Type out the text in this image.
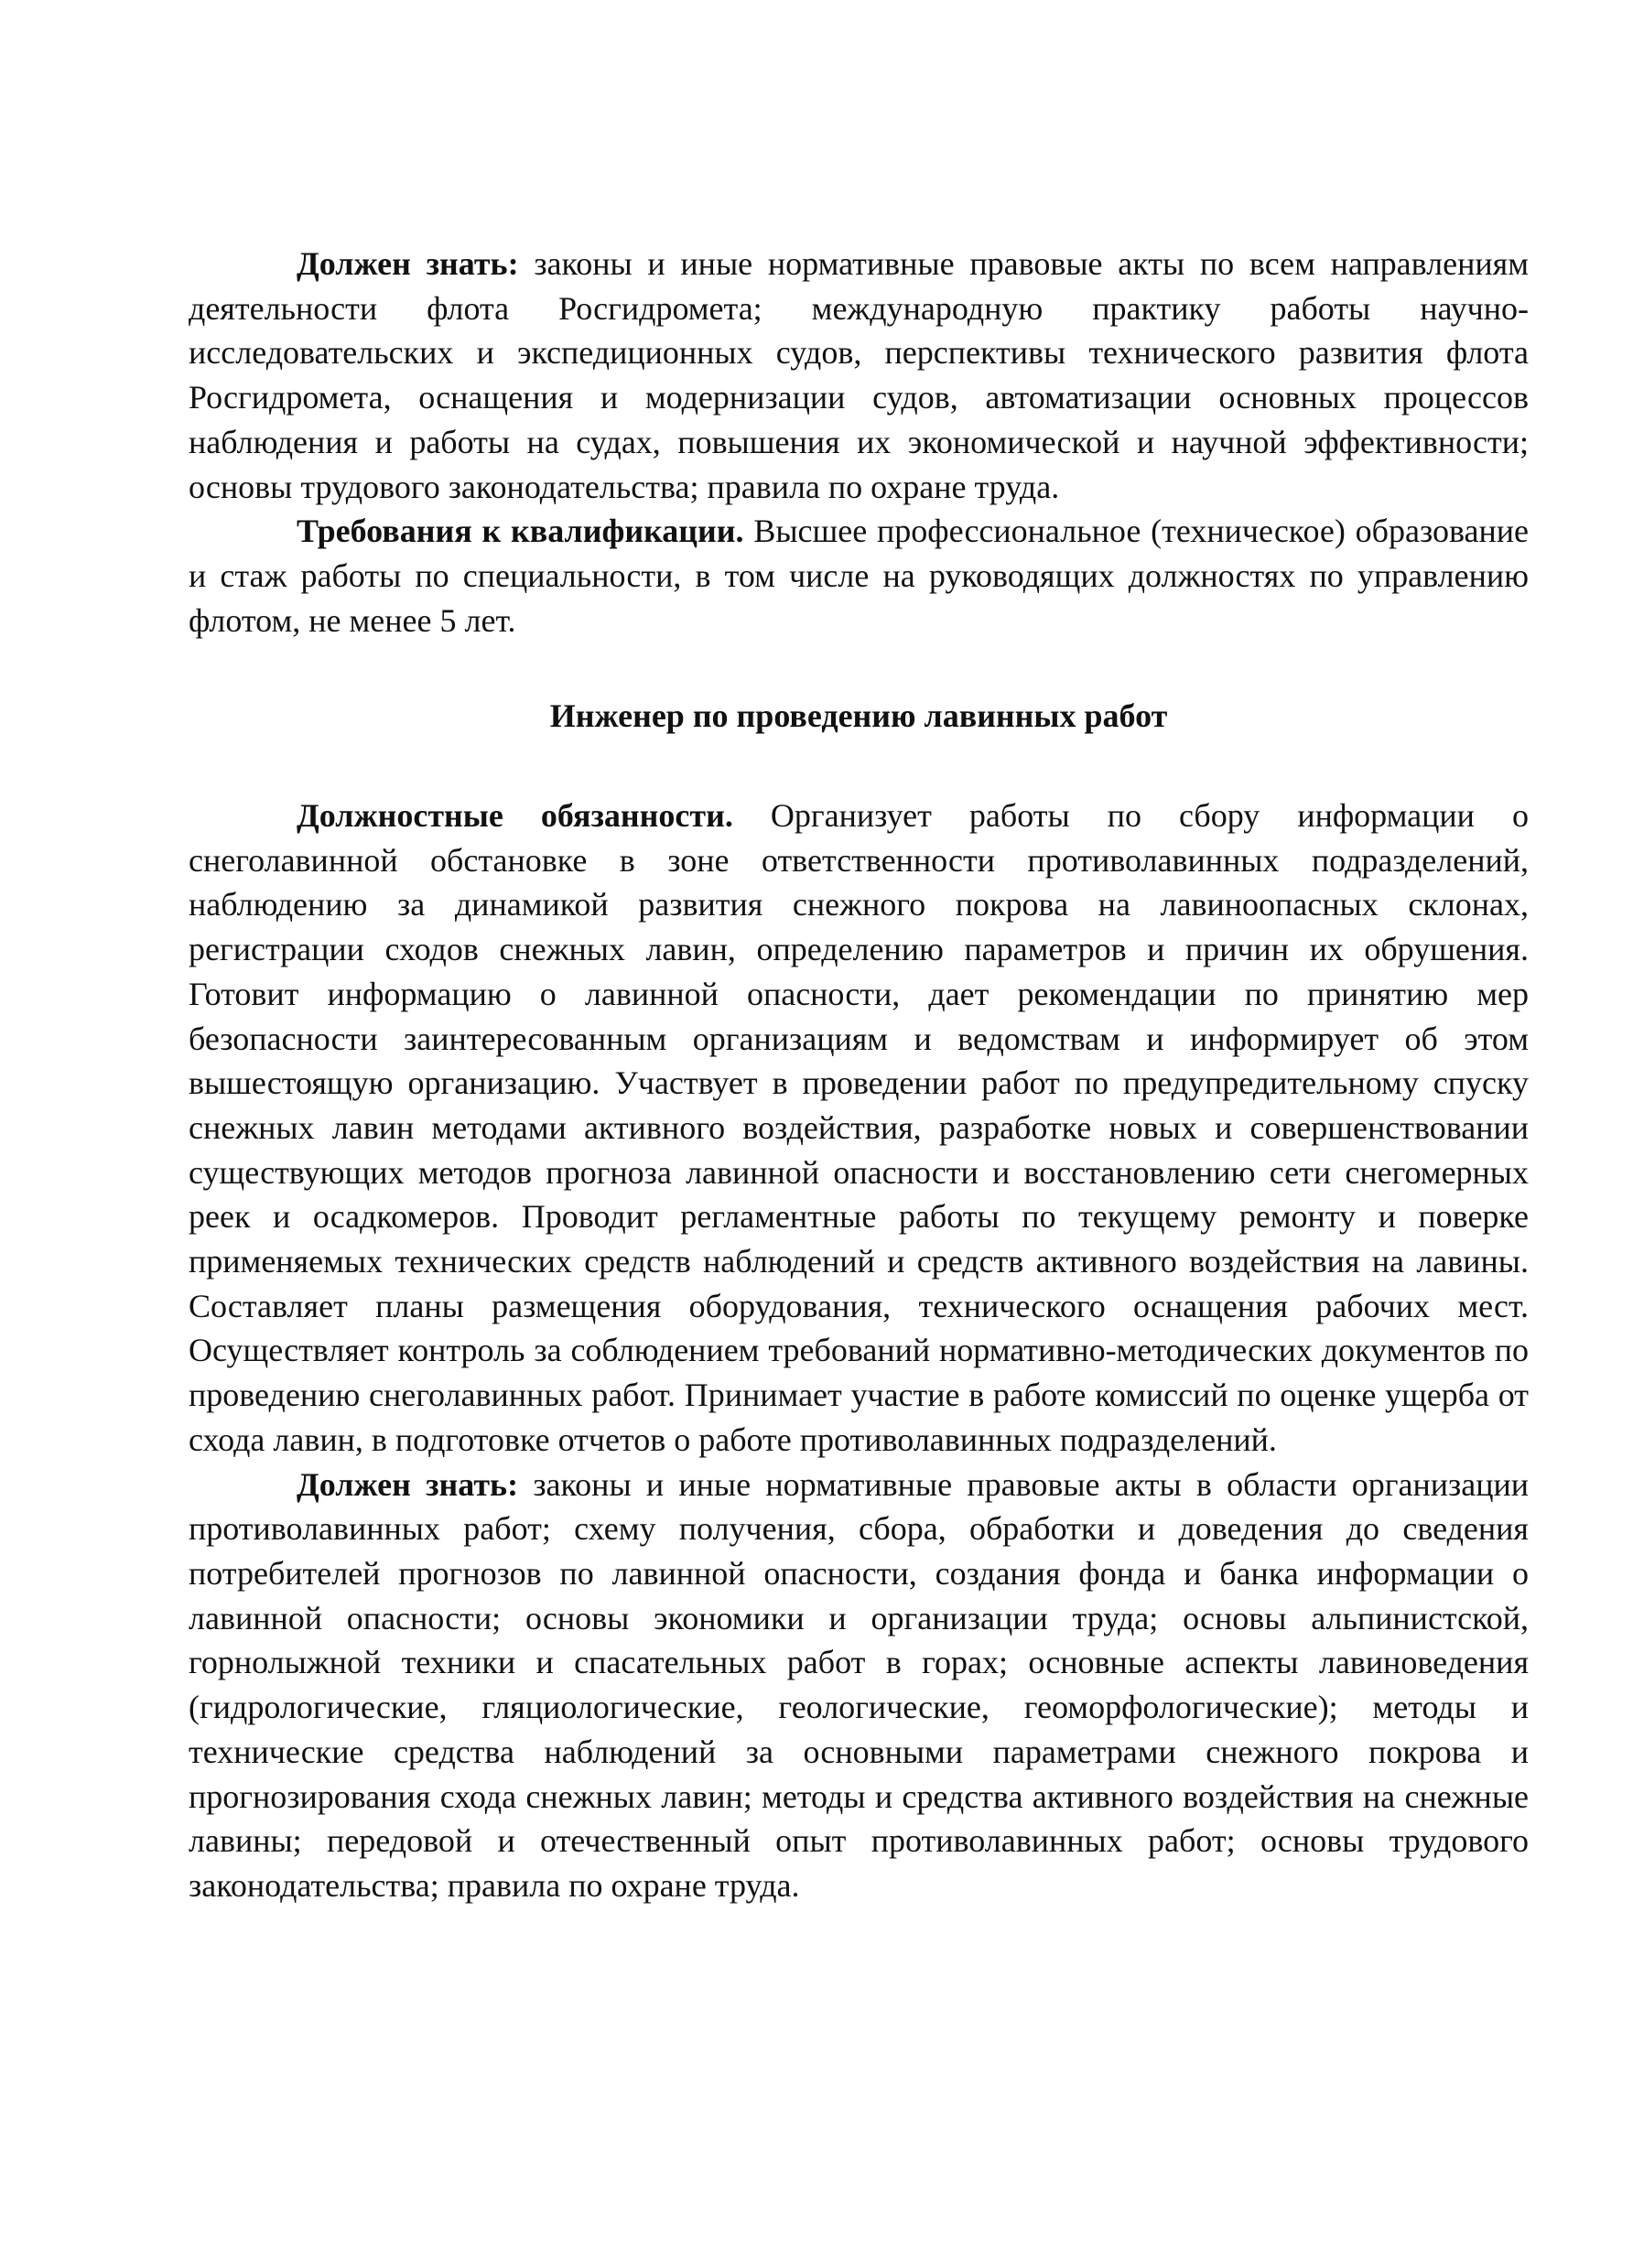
Должен знать: законы и иные нормативные правовые акты по всем направлениям деятельности флота Росгидромета; международную практику работы научно-исследовательских и экспедиционных судов, перспективы технического развития флота Росгидромета, оснащения и модернизации судов, автоматизации основных процессов наблюдения и работы на судах, повышения их экономической и научной эффективности; основы трудового законодательства; правила по охране труда.

Требования к квалификации. Высшее профессиональное (техническое) образование и стаж работы по специальности, в том числе на руководящих должностях по управлению флотом, не менее 5 лет.

Инженер по проведению лавинных работ

Должностные обязанности. Организует работы по сбору информации о снеголавинной обстановке в зоне ответственности противолавинных подразделений, наблюдению за динамикой развития снежного покрова на лавиноопасных склонах, регистрации сходов снежных лавин, определению параметров и причин их обрушения. Готовит информацию о лавинной опасности, дает рекомендации по принятию мер безопасности заинтересованным организациям и ведомствам и информирует об этом вышестоящую организацию. Участвует в проведении работ по предупредительному спуску снежных лавин методами активного воздействия, разработке новых и совершенствовании существующих методов прогноза лавинной опасности и восстановлению сети снегомерных реек и осадкомеров. Проводит регламентные работы по текущему ремонту и поверке применяемых технических средств наблюдений и средств активного воздействия на лавины. Составляет планы размещения оборудования, технического оснащения рабочих мест. Осуществляет контроль за соблюдением требований нормативно-методических документов по проведению снеголавинных работ. Принимает участие в работе комиссий по оценке ущерба от схода лавин, в подготовке отчетов о работе противолавинных подразделений.

Должен знать: законы и иные нормативные правовые акты в области организации противолавинных работ; схему получения, сбора, обработки и доведения до сведения потребителей прогнозов по лавинной опасности, создания фонда и банка информации о лавинной опасности; основы экономики и организации труда; основы альпинистской, горнолыжной техники и спасательных работ в горах; основные аспекты лавиноведения (гидрологические, гляциологические, геологические, геоморфологические); методы и технические средства наблюдений за основными параметрами снежного покрова и прогнозирования схода снежных лавин; методы и средства активного воздействия на снежные лавины; передовой и отечественный опыт противолавинных работ; основы трудового законодательства; правила по охране труда.
